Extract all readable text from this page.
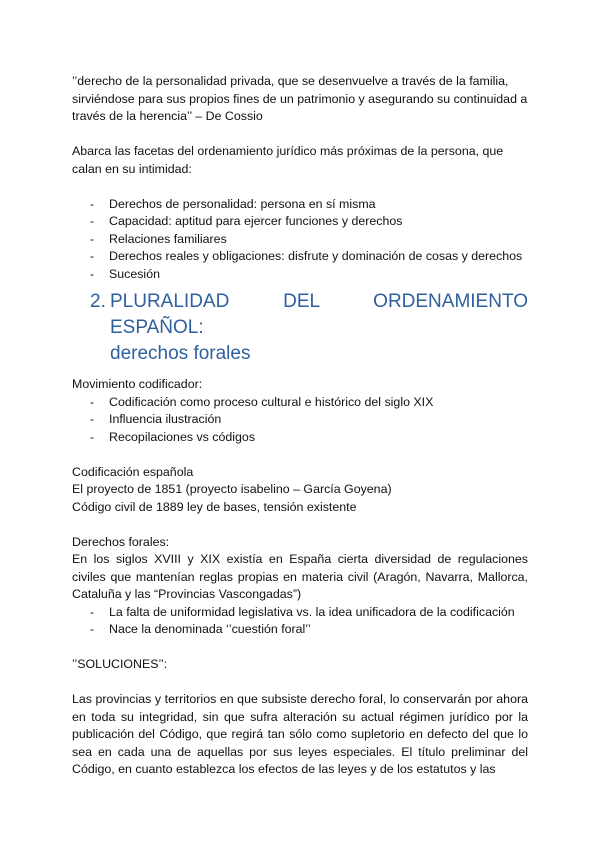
’’derecho de la personalidad privada, que se desenvuelve a través de la familia, sirviéndose para sus propios fines de un patrimonio y asegurando su continuidad a través de la herencia’’ – De Cossio

Abarca las facetas del ordenamiento jurídico más próximas de la persona, que calan en su intimidad:

- Derechos de personalidad: persona en sí misma
- Capacidad: aptitud para ejercer funciones y derechos
- Relaciones familiares
- Derechos reales y obligaciones: disfrute y dominación de cosas y derechos
- Sucesión
2. PLURALIDAD DEL ORDENAMIENTO ESPAÑOL:
derechos forales

Movimiento codificador:

- Codificación como proceso cultural e histórico del siglo XIX
- Influencia ilustración
- Recopilaciones vs códigos

Codificación española

El proyecto de 1851 (proyecto isabelino – García Goyena)

Código civil de 1889 ley de bases, tensión existente

Derechos forales:

En los siglos XVIII y XIX existía en España cierta diversidad de regulaciones civiles que mantenían reglas propias en materia civil (Aragón, Navarra, Mallorca, Cataluña y las “Provincias Vascongadas”)

- La falta de uniformidad legislativa vs. la idea unificadora de la codificación
- Nace la denominada ‘’cuestión foral’’

’’SOLUCIONES’’:

Las provincias y territorios en que subsiste derecho foral, lo conservarán por ahora en toda su integridad, sin que sufra alteración su actual régimen jurídico por la publicación del Código, que regirá tan sólo como supletorio en defecto del que lo sea en cada una de aquellas por sus leyes especiales. El título preliminar del Código, en cuanto establezca los efectos de las leyes y de los estatutos y las
